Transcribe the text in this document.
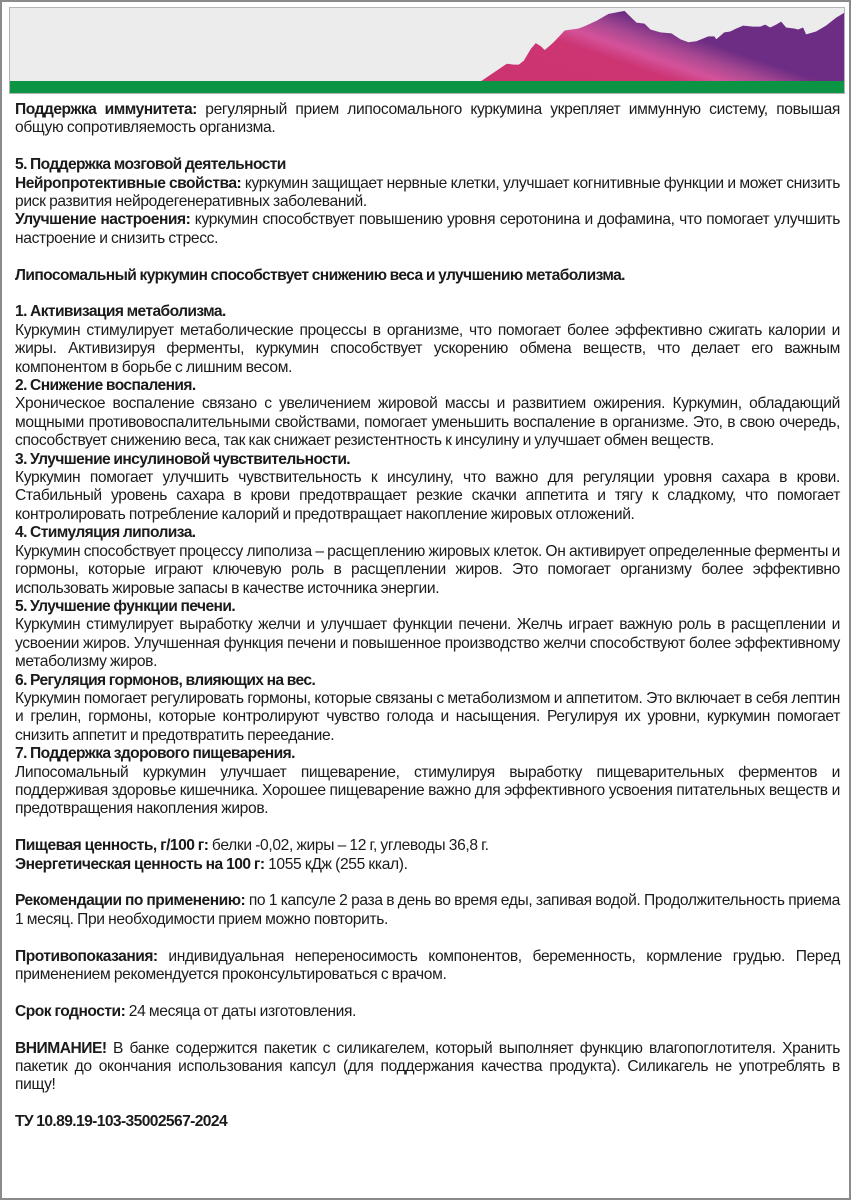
Поддержка иммунитета: регулярный прием липосомального куркумина укрепляет иммунную систему, повышая общую сопротивляемость организма.

5. Поддержка мозговой деятельности

Нейропротективные свойства: куркумин защищает нервные клетки, улучшает когнитивные функции и может снизить риск развития нейродегенеративных заболеваний.

Улучшение настроения: куркумин способствует повышению уровня серотонина и дофамина, что помогает улучшить настроение и снизить стресс.

Липосомальный куркумин способствует снижению веса и улучшению метаболизма.

1. Активизация метаболизма.

Куркумин стимулирует метаболические процессы в организме, что помогает более эффективно сжигать калории и жиры. Активизируя ферменты, куркумин способствует ускорению обмена веществ, что делает его важным компонентом в борьбе с лишним весом.

2. Снижение воспаления.

Хроническое воспаление связано с увеличением жировой массы и развитием ожирения. Куркумин, обладающий мощными противовоспалительными свойствами, помогает уменьшить воспаление в организме. Это, в свою очередь, способствует снижению веса, так как снижает резистентность к инсулину и улучшает обмен веществ.

3. Улучшение инсулиновой чувствительности.

Куркумин помогает улучшить чувствительность к инсулину, что важно для регуляции уровня сахара в крови. Стабильный уровень сахара в крови предотвращает резкие скачки аппетита и тягу к сладкому, что помогает контролировать потребление калорий и предотвращает накопление жировых отложений.

4. Стимуляция липолиза.

Куркумин способствует процессу липолиза – расщеплению жировых клеток. Он активирует определенные ферменты и гормоны, которые играют ключевую роль в расщеплении жиров. Это помогает организму более эффективно использовать жировые запасы в качестве источника энергии.

5. Улучшение функции печени.

Куркумин стимулирует выработку желчи и улучшает функции печени. Желчь играет важную роль в расщеплении и усвоении жиров. Улучшенная функция печени и повышенное производство желчи способствуют более эффективному метаболизму жиров.

6. Регуляция гормонов, влияющих на вес.

Куркумин помогает регулировать гормоны, которые связаны с метаболизмом и аппетитом. Это включает в себя лептин и грелин, гормоны, которые контролируют чувство голода и насыщения. Регулируя их уровни, куркумин помогает снизить аппетит и предотвратить переедание.

7. Поддержка здорового пищеварения.

Липосомальный куркумин улучшает пищеварение, стимулируя выработку пищеварительных ферментов и поддерживая здоровье кишечника. Хорошее пищеварение важно для эффективного усвоения питательных веществ и предотвращения накопления жиров.

Пищевая ценность, г/100 г: белки -0,02, жиры – 12 г, углеводы 36,8 г.

Энергетическая ценность на 100 г: 1055 кДж (255 ккал).

Рекомендации по применению: по 1 капсуле 2 раза в день во время еды, запивая водой. Продолжительность приема 1 месяц. При необходимости прием можно повторить.

Противопоказания: индивидуальная непереносимость компонентов, беременность, кормление грудью. Перед применением рекомендуется проконсультироваться с врачом.

Срок годности: 24 месяца от даты изготовления.

ВНИМАНИЕ! В банке содержится пакетик с силикагелем, который выполняет функцию влагопоглотителя. Хранить пакетик до окончания использования капсул (для поддержания качества продукта). Силикагель не употреблять в пищу!

ТУ 10.89.19-103-35002567-2024
